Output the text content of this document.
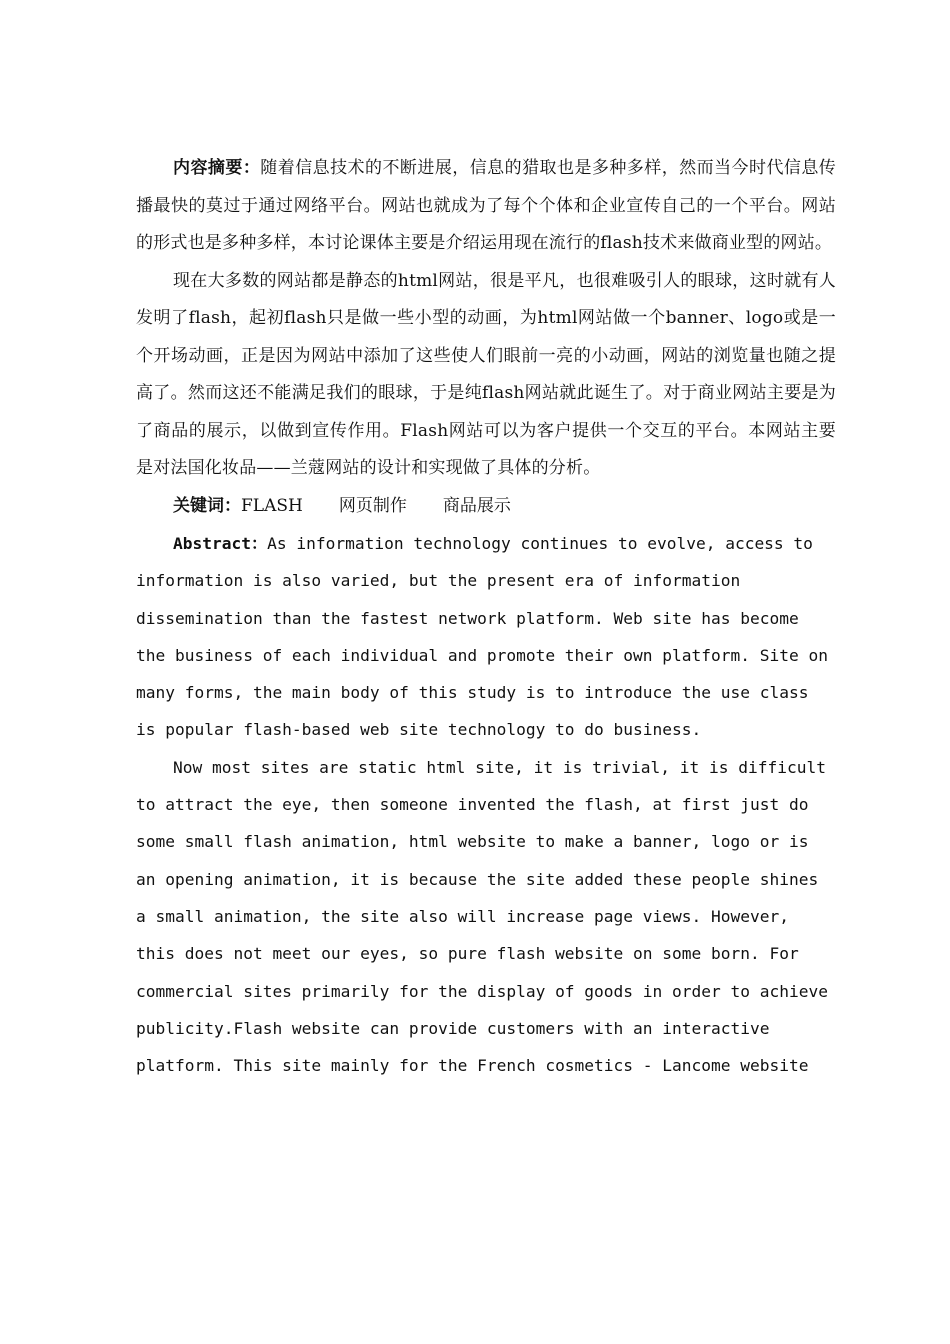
内容摘要：随着信息技术的不断进展，信息的猎取也是多种多样，然而当今时代信息传播最快的莫过于通过网络平台。网站也就成为了每个个体和企业宣传自己的一个平台。网站的形式也是多种多样，本讨论课体主要是介绍运用现在流行的flash技术来做商业型的网站。

现在大多数的网站都是静态的html网站，很是平凡，也很难吸引人的眼球，这时就有人发明了flash，起初flash只是做一些小型的动画，为html网站做一个banner、logo或是一个开场动画，正是因为网站中添加了这些使人们眼前一亮的小动画，网站的浏览量也随之提高了。然而这还不能满足我们的眼球，于是纯flash网站就此诞生了。对于商业网站主要是为了商品的展示，以做到宣传作用。Flash网站可以为客户提供一个交互的平台。本网站主要是对法国化妆品——兰蔻网站的设计和实现做了具体的分析。

关键词：FLASH 网页制作 商品展示

Abstract：As information technology continues to evolve, access to information is also varied, but the present era of information dissemination than the fastest network platform. Web site has become the business of each individual and promote their own platform. Site on many forms, the main body of this study is to introduce the use class is popular flash-based web site technology to do business.

Now most sites are static html site, it is trivial, it is difficult to attract the eye, then someone invented the flash, at first just do some small flash animation, html website to make a banner, logo or is an opening animation, it is because the site added these people shines a small animation, the site also will increase page views. However, this does not meet our eyes, so pure flash website on some born. For commercial sites primarily for the display of goods in order to achieve publicity.Flash website can provide customers with an interactive platform. This site mainly for the French cosmetics - Lancome website
